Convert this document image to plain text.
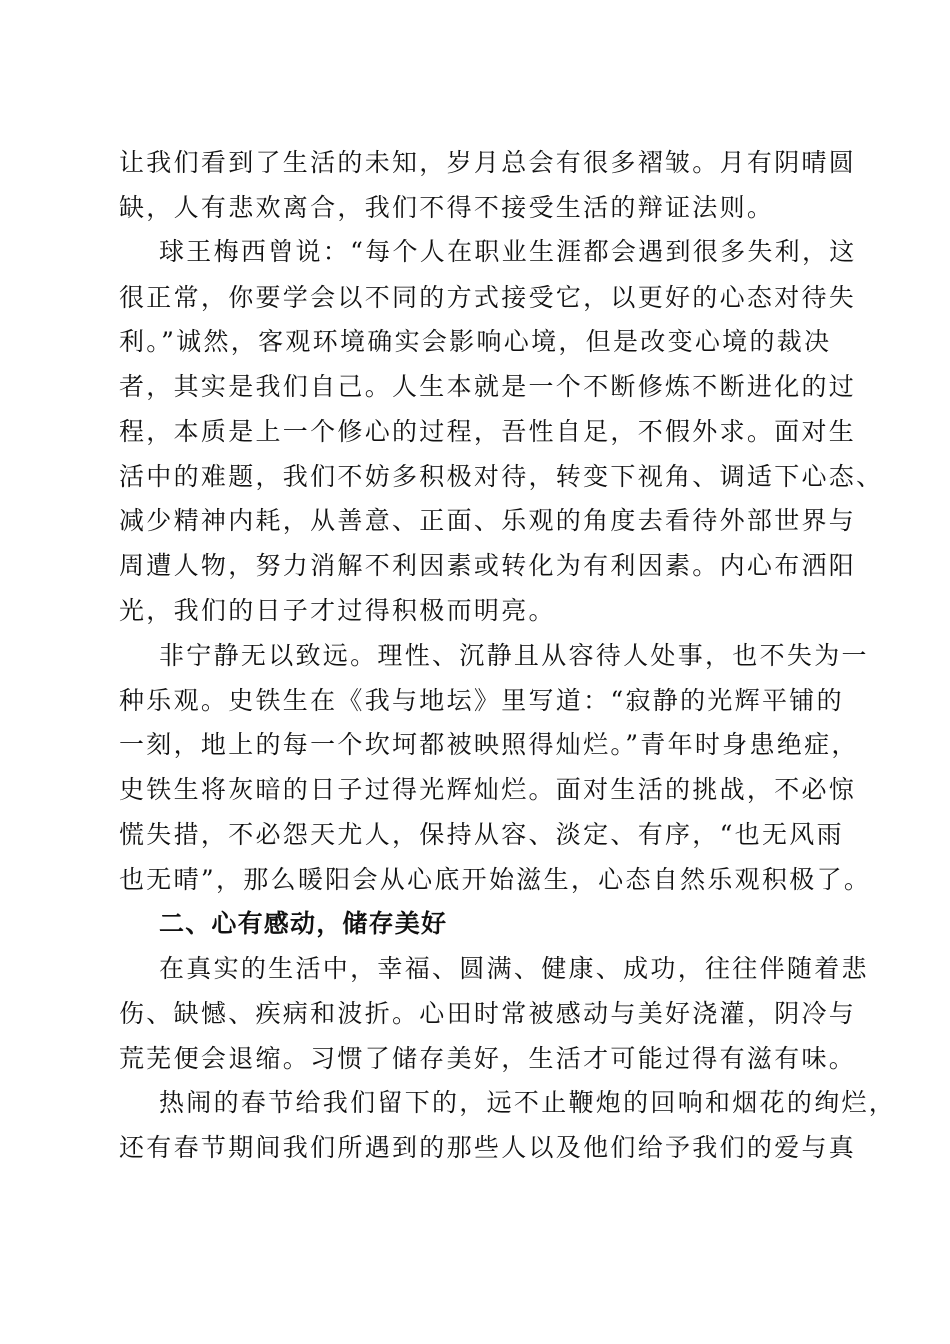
让我们看到了生活的未知，岁月总会有很多褶皱。月有阴晴圆
缺，人有悲欢离合，我们不得不接受生活的辩证法则。
球王梅西曾说：“每个人在职业生涯都会遇到很多失利，这
很正常，你要学会以不同的方式接受它，以更好的心态对待失
利。”诚然，客观环境确实会影响心境，但是改变心境的裁决
者，其实是我们自己。人生本就是一个不断修炼不断进化的过
程，本质是上一个修心的过程，吾性自足，不假外求。面对生
活中的难题，我们不妨多积极对待，转变下视角、调适下心态、
减少精神内耗，从善意、正面、乐观的角度去看待外部世界与
周遭人物，努力消解不利因素或转化为有利因素。内心布洒阳
光，我们的日子才过得积极而明亮。
非宁静无以致远。理性、沉静且从容待人处事，也不失为一
种乐观。史铁生在《我与地坛》里写道：“寂静的光辉平铺的
一刻，地上的每一个坎坷都被映照得灿烂。”青年时身患绝症，
史铁生将灰暗的日子过得光辉灿烂。面对生活的挑战，不必惊
慌失措，不必怨天尤人，保持从容、淡定、有序，“也无风雨
也无晴”，那么暖阳会从心底开始滋生，心态自然乐观积极了。
二、心有感动，储存美好
在真实的生活中，幸福、圆满、健康、成功，往往伴随着悲
伤、缺憾、疾病和波折。心田时常被感动与美好浇灌，阴冷与
荒芜便会退缩。习惯了储存美好，生活才可能过得有滋有味。
热闹的春节给我们留下的，远不止鞭炮的回响和烟花的绚烂，
还有春节期间我们所遇到的那些人以及他们给予我们的爱与真
